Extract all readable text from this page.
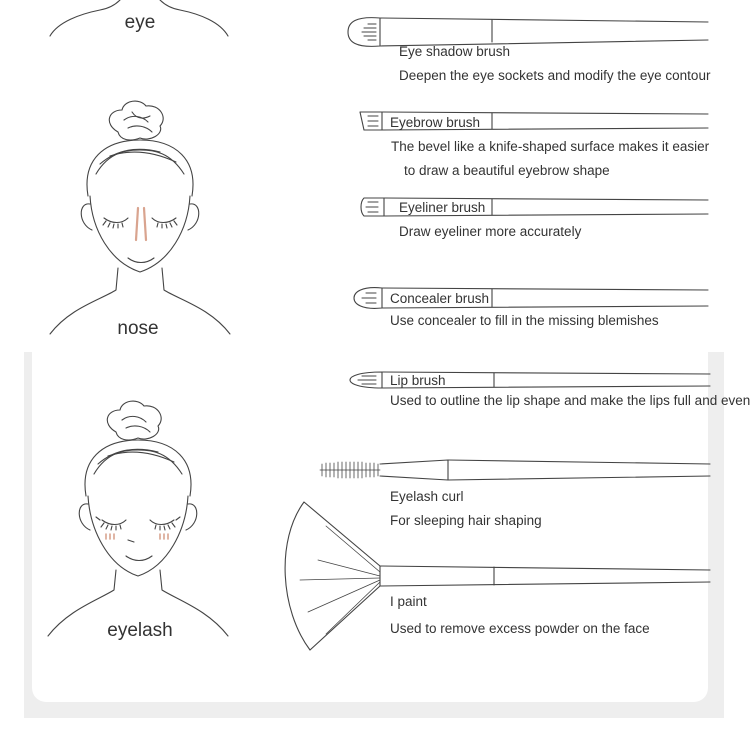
eye
nose
eyelash
Eye shadow brush
Deepen the eye sockets and modify the eye contour
Eyebrow brush
The bevel like a knife-shaped surface makes it easier
to draw a beautiful eyebrow shape
Eyeliner brush
Draw eyeliner more accurately
Concealer brush
Use concealer to fill in the missing blemishes
Lip brush
Used to outline the lip shape and make the lips full and even
Eyelash curl
For sleeping hair shaping
I paint
Used to remove excess powder on the face
